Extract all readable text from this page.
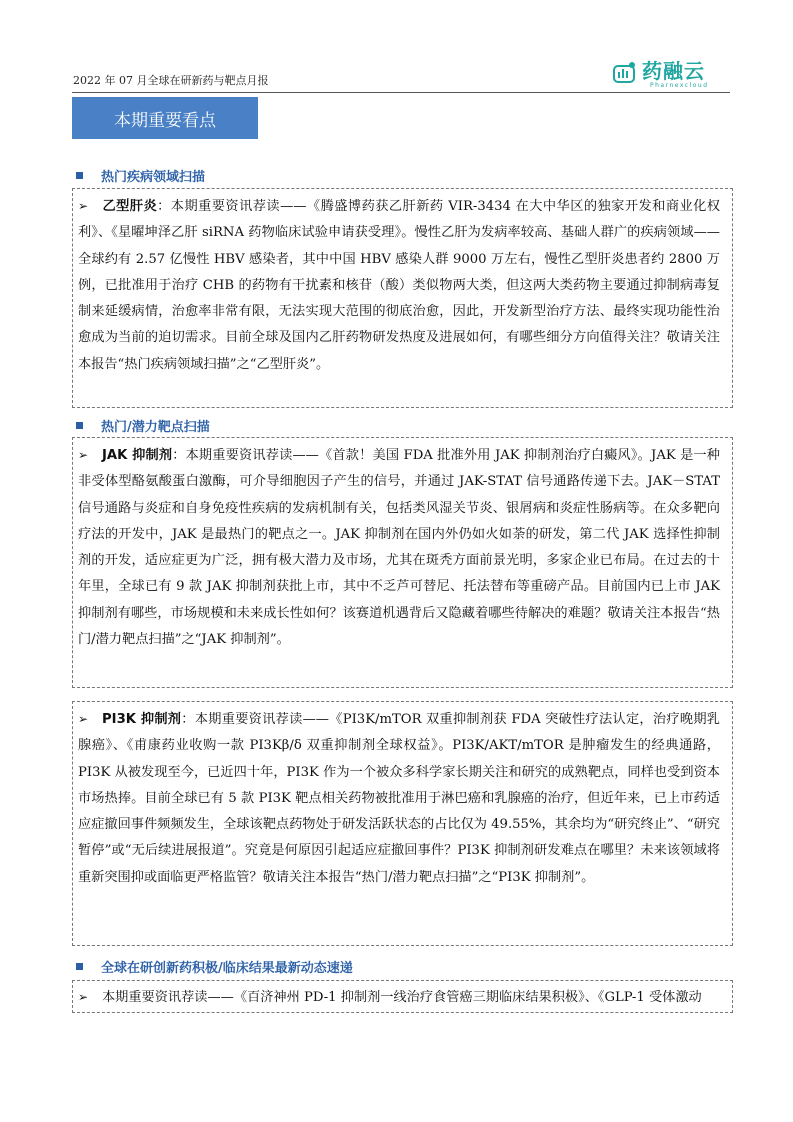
2022 年 07 月全球在研新药与靶点月报	药融云
Pharnexcloud
本期重要看点
热门疾病领域扫描
➢ 乙型肝炎：本期重要资讯荐读——《腾盛博药获乙肝新药 VIR-3434 在大中华区的独家开发和商业化权利》、《星曜坤泽乙肝 siRNA 药物临床试验申请获受理》。慢性乙肝为发病率较高、基础人群广的疾病领域——全球约有 2.57 亿慢性 HBV 感染者，其中中国 HBV 感染人群 9000 万左右，慢性乙型肝炎患者约 2800 万例，已批准用于治疗 CHB 的药物有干扰素和核苷（酸）类似物两大类，但这两大类药物主要通过抑制病毒复制来延缓病情，治愈率非常有限，无法实现大范围的彻底治愈，因此，开发新型治疗方法、最终实现功能性治愈成为当前的迫切需求。目前全球及国内乙肝药物研发热度及进展如何，有哪些细分方向值得关注？敬请关注本报告“热门疾病领域扫描”之“乙型肝炎”。
热门/潜力靶点扫描
➢ JAK 抑制剂：本期重要资讯荐读——《首款！美国 FDA 批准外用 JAK 抑制剂治疗白癜风》。JAK 是一种非受体型酪氨酸蛋白激酶，可介导细胞因子产生的信号，并通过 JAK-STAT 信号通路传递下去。JAK－STAT 信号通路与炎症和自身免疫性疾病的发病机制有关，包括类风湿关节炎、银屑病和炎症性肠病等。在众多靶向疗法的开发中，JAK 是最热门的靶点之一。JAK 抑制剂在国内外仍如火如荼的研发，第二代 JAK 选择性抑制剂的开发，适应症更为广泛，拥有极大潜力及市场，尤其在斑秃方面前景光明，多家企业已布局。在过去的十年里，全球已有 9 款 JAK 抑制剂获批上市，其中不乏芦可替尼、托法替布等重磅产品。目前国内已上市 JAK 抑制剂有哪些，市场规模和未来成长性如何？该赛道机遇背后又隐藏着哪些待解决的难题？敬请关注本报告“热门/潜力靶点扫描”之“JAK 抑制剂”。
➢ PI3K 抑制剂：本期重要资讯荐读——《PI3K/mTOR 双重抑制剂获 FDA 突破性疗法认定，治疗晚期乳腺癌》、《甫康药业收购一款 PI3Kβ/δ 双重抑制剂全球权益》。PI3K/AKT/mTOR 是肿瘤发生的经典通路，PI3K 从被发现至今，已近四十年，PI3K 作为一个被众多科学家长期关注和研究的成熟靶点，同样也受到资本市场热捧。目前全球已有 5 款 PI3K 靶点相关药物被批准用于淋巴癌和乳腺癌的治疗，但近年来，已上市药适应症撤回事件频频发生，全球该靶点药物处于研发活跃状态的占比仅为 49.55%，其余均为“研究终止”、“研究暂停”或“无后续进展报道”。究竟是何原因引起适应症撤回事件？PI3K 抑制剂研发难点在哪里？未来该领域将重新突围抑或面临更严格监管？敬请关注本报告“热门/潜力靶点扫描”之“PI3K 抑制剂”。
全球在研创新药积极/临床结果最新动态速递
➢ 本期重要资讯荐读——《百济神州 PD-1 抑制剂一线治疗食管癌三期临床结果积极》、《GLP-1 受体激动
